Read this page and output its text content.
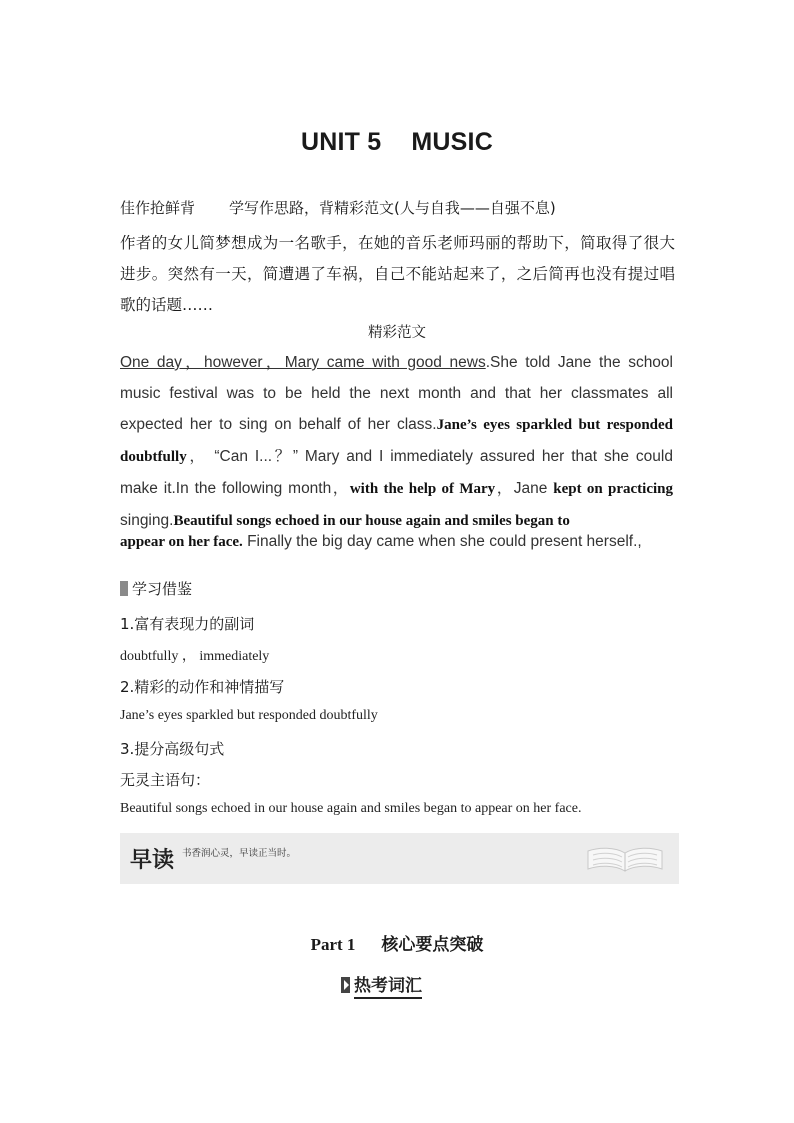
UNIT 5 MUSIC
佳作抢鲜背 学写作思路，背精彩范文(人与自我——自强不息)
作者的女儿简梦想成为一名歌手，在她的音乐老师玛丽的帮助下，简取得了很大进步。突然有一天，简遭遇了车祸，自己不能站起来了，之后简再也没有提过唱歌的话题……
精彩范文
One day，however，Mary came with good news.She told Jane the school music festival was to be held the next month and that her classmates all expected her to sing on behalf of her class.Jane’s eyes sparkled but responded doubtfully， “Can I...？” Mary and I immediately assured her that she could make it.In the following month，with the help of Mary，Jane kept on practicing singing.Beautiful songs echoed in our house again and smiles began to
appear on her face. Finally the big day came when she could present herself.,
学习借鉴
1.富有表现力的副词
doubtfully ， immediately
2.精彩的动作和神情描写
Jane’s eyes sparkled but responded doubtfully
3.提分高级句式
无灵主语句：
Beautiful songs echoed in our house again and smiles began to appear on her face.
早读 书香润心灵，早读正当时。
Part 1 核心要点突破
热考词汇
